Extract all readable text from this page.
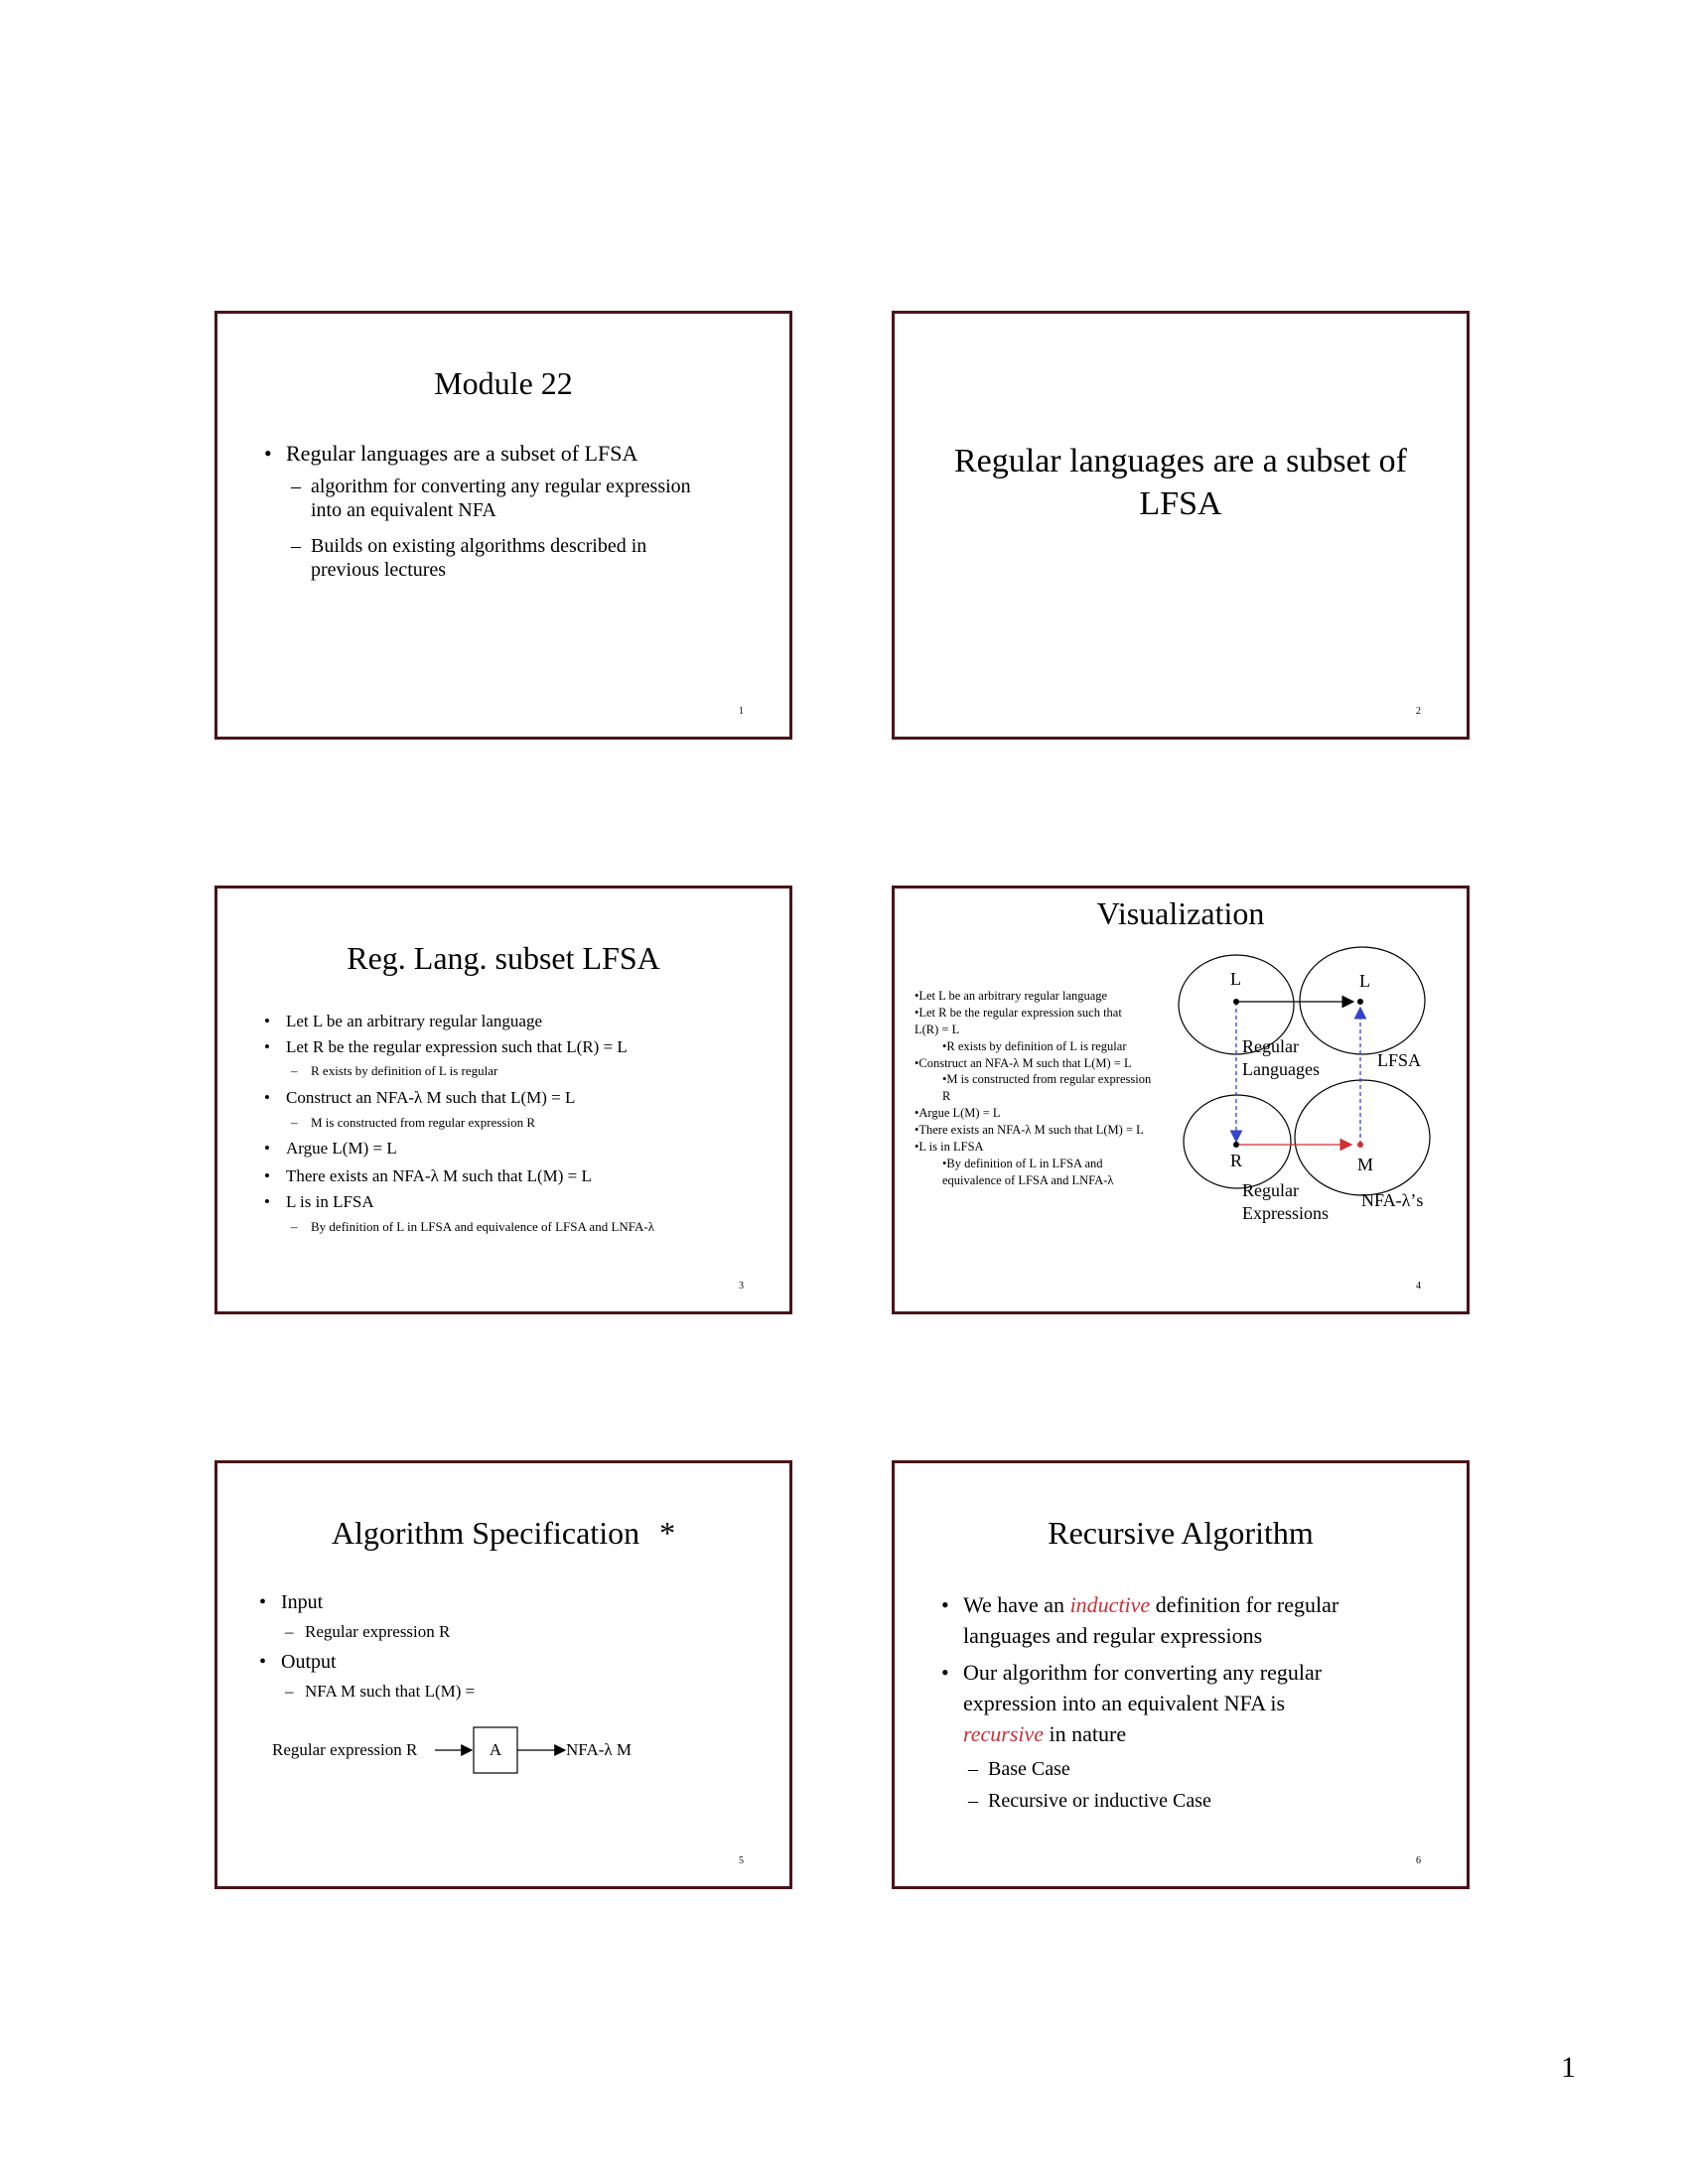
Module 22
• Regular languages are a subset of LFSA
– algorithm for converting any regular expression
into an equivalent NFA
– Builds on existing algorithms described in
previous lectures
1
Regular languages are a subset of
LFSA
2
Reg. Lang. subset LFSA
• Let L be an arbitrary regular language
• Let R be the regular expression such that L(R) = L
– R exists by definition of L is regular
• Construct an NFA-λ M such that L(M) = L
– M is constructed from regular expression R
• Argue L(M) = L
• There exists an NFA-λ M such that L(M) = L
• L is in LFSA
– By definition of L in LFSA and equivalence of LFSA and LNFA-λ
3
Visualization
•Let L be an arbitrary regular language
•Let R be the regular expression such that
L(R) = L
•R exists by definition of L is regular
•Construct an NFA-λ M such that L(M) = L
•M is constructed from regular expression
R
•Argue L(M) = L
•There exists an NFA-λ M such that L(M) = L
•L is in LFSA
•By definition of L in LFSA and
equivalence of LFSA and LNFA-λ
L	L
R	M
Regular
Languages	LFSA
Regular
Expressions
NFA-λ’s
4
Algorithm Specification *
• Input
– Regular expression R
• Output
– NFA M such that L(M) =
Regular expression R	A	NFA-λ M
5
Recursive Algorithm
• We have an inductive definition for regular
languages and regular expressions
• Our algorithm for converting any regular
expression into an equivalent NFA is
recursive in nature
– Base Case
– Recursive or inductive Case
6
1
